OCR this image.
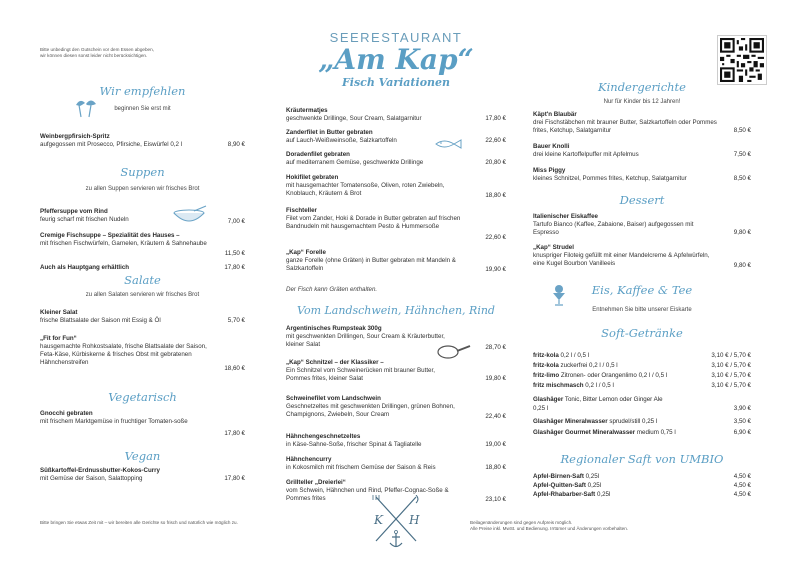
Bitte unbedingt den Gutschein vor dem Essen abgeben,
wir können diesen sonst leider nicht berücksichtigen.
SEERESTAURANT
„Am Kap“
Fisch Variationen
Wir empfehlen
beginnen Sie erst mit
Weinbergpfirsich-Spritz
aufgegossen mit Prosecco, Pfirsiche, Eiswürfel 0,2 l	8,90 €
Suppen
zu allen Suppen servieren wir frisches Brot
Pfeffersuppe vom Rind
feurig scharf mit frischen Nudeln	7,00 €
Cremige Fischsuppe – Spezialität des Hauses –
mit frischen Fischwürfeln, Garnelen, Kräutern & Sahnehaube
11,50 €
Auch als Hauptgang erhältlich	17,80 €
Salate
zu allen Salaten servieren wir frisches Brot
Kleiner Salat
frische Blattsalate der Saison mit Essig & Öl	5,70 €
„Fit for Fun“
hausgemachte Rohkostsalate, frische Blattsalate der Saison, Feta-Käse, Kürbiskerne & frisches Obst mit gebratenen Hähnchenstreifen
18,60 €
Vegetarisch
Gnocchi gebraten
mit frischem Marktgemüse in fruchtiger Tomaten-soße
17,80 €
Vegan
Süßkartoffel-Erdnussbutter-Kokos-Curry
mit Gemüse der Saison, Salattopping	17,80 €
Bitte bringen Sie etwas Zeit mit – wir bereiten alle Gerichte so frisch und natürlich wie möglich zu.
Kräutermatjes
geschwenkte Drillinge, Sour Cream, Salatgarnitur	17,80 €
Zanderfilet in Butter gebraten
auf Lauch-Weißweinsoße, Salzkartoffeln	22,60 €
Doradenfilet gebraten
auf mediterranem Gemüse, geschwenkte Drillinge	20,80 €
Hokifilet gebraten
mit hausgemachter Tomatensoße, Oliven, roten Zwiebeln, Knoblauch, Kräutern & Brot	18,80 €
Fischteller
Filet vom Zander, Hoki & Dorade in Butter gebraten auf frischen Bandnudeln mit hausgemachtem Pesto & Hummersoße
22,60 €
„Kap“ Forelle
ganze Forelle (ohne Gräten) in Butter gebraten mit Mandeln & Salzkartoffeln	19,90 €
Der Fisch kann Gräten enthalten.
Vom Landschwein, Hähnchen, Rind
Argentinisches Rumpsteak 300g
mit geschwenkten Drillingen, Sour Cream & Kräuterbutter, kleiner Salat	28,70 €
„Kap“ Schnitzel – der Klassiker –
Ein Schnitzel vom Schweinerücken mit brauner Butter, Pommes frites, kleiner Salat	19,80 €
Schweinefilet vom Landschwein
Geschnetzeltes mit geschwenkten Drillingen, grünen Bohnen, Champignons, Zwiebeln, Sour Cream	22,40 €
Hähnchengeschnetzeltes
in Käse-Sahne-Soße, frischer Spinat & Tagliatelle	19,00 €
Hähnchencurry
in Kokosmilch mit frischem Gemüse der Saison & Reis	18,80 €
Grillteller „Dreierlei“
vom Schwein, Hähnchen und Rind, Pfeffer-Cognac-Soße & Pommes frites	23,10 €
K H
Kindergerichte
Nur für Kinder bis 12 Jahren!
Käpt'n Blaubär
drei Fischstäbchen mit brauner Butter, Salzkartoffeln oder Pommes frites, Ketchup, Salatgarnitur	8,50 €
Bauer Knolli
drei kleine Kartoffelpuffer mit Apfelmus	7,50 €
Miss Piggy
kleines Schnitzel, Pommes frites, Ketchup, Salatgarnitur	8,50 €
Dessert
Italienischer Eiskaffee
Tartufo Bianco (Kaffee, Zabaione, Baiser) aufgegossen mit Espresso	9,80 €
„Kap“ Strudel
knuspriger Filoteig gefüllt mit einer Mandelcreme & Apfelwürfeln, eine Kugel Bourbon Vanilleeis	9,80 €
Eis, Kaffee & Tee
Entnehmen Sie bitte unserer Eiskarte
Soft-Getränke
fritz-kola 0,2 l / 0,5 l	3,10 € / 5,70 €
fritz-kola zuckerfrei 0,2 l / 0,5 l	3,10 € / 5,70 €
fritz-limo Zitronen- oder Orangenlimo 0,2 l / 0,5 l	3,10 € / 5,70 €
fritz mischmasch 0,2 l / 0,5 l	3,10 € / 5,70 €
Glashäger Tonic, Bitter Lemon oder Ginger Ale
0,25 l	3,90 €
Glashäger Mineralwasser sprudel/still 0,25 l	3,50 €
Glashäger Gourmet Mineralwasser medium 0,75 l	6,90 €
Regionaler Saft von UMBIO
Apfel-Birnen-Saft 0,25l	4,50 €
Apfel-Quitten-Saft 0,25l	4,50 €
Apfel-Rhabarber-Saft 0,25l	4,50 €
Beilagenänderungen sind gegen Aufpreis möglich.
Alle Preise inkl. MwSt. und Bedienung. Irrtümer und Änderungen vorbehalten.
